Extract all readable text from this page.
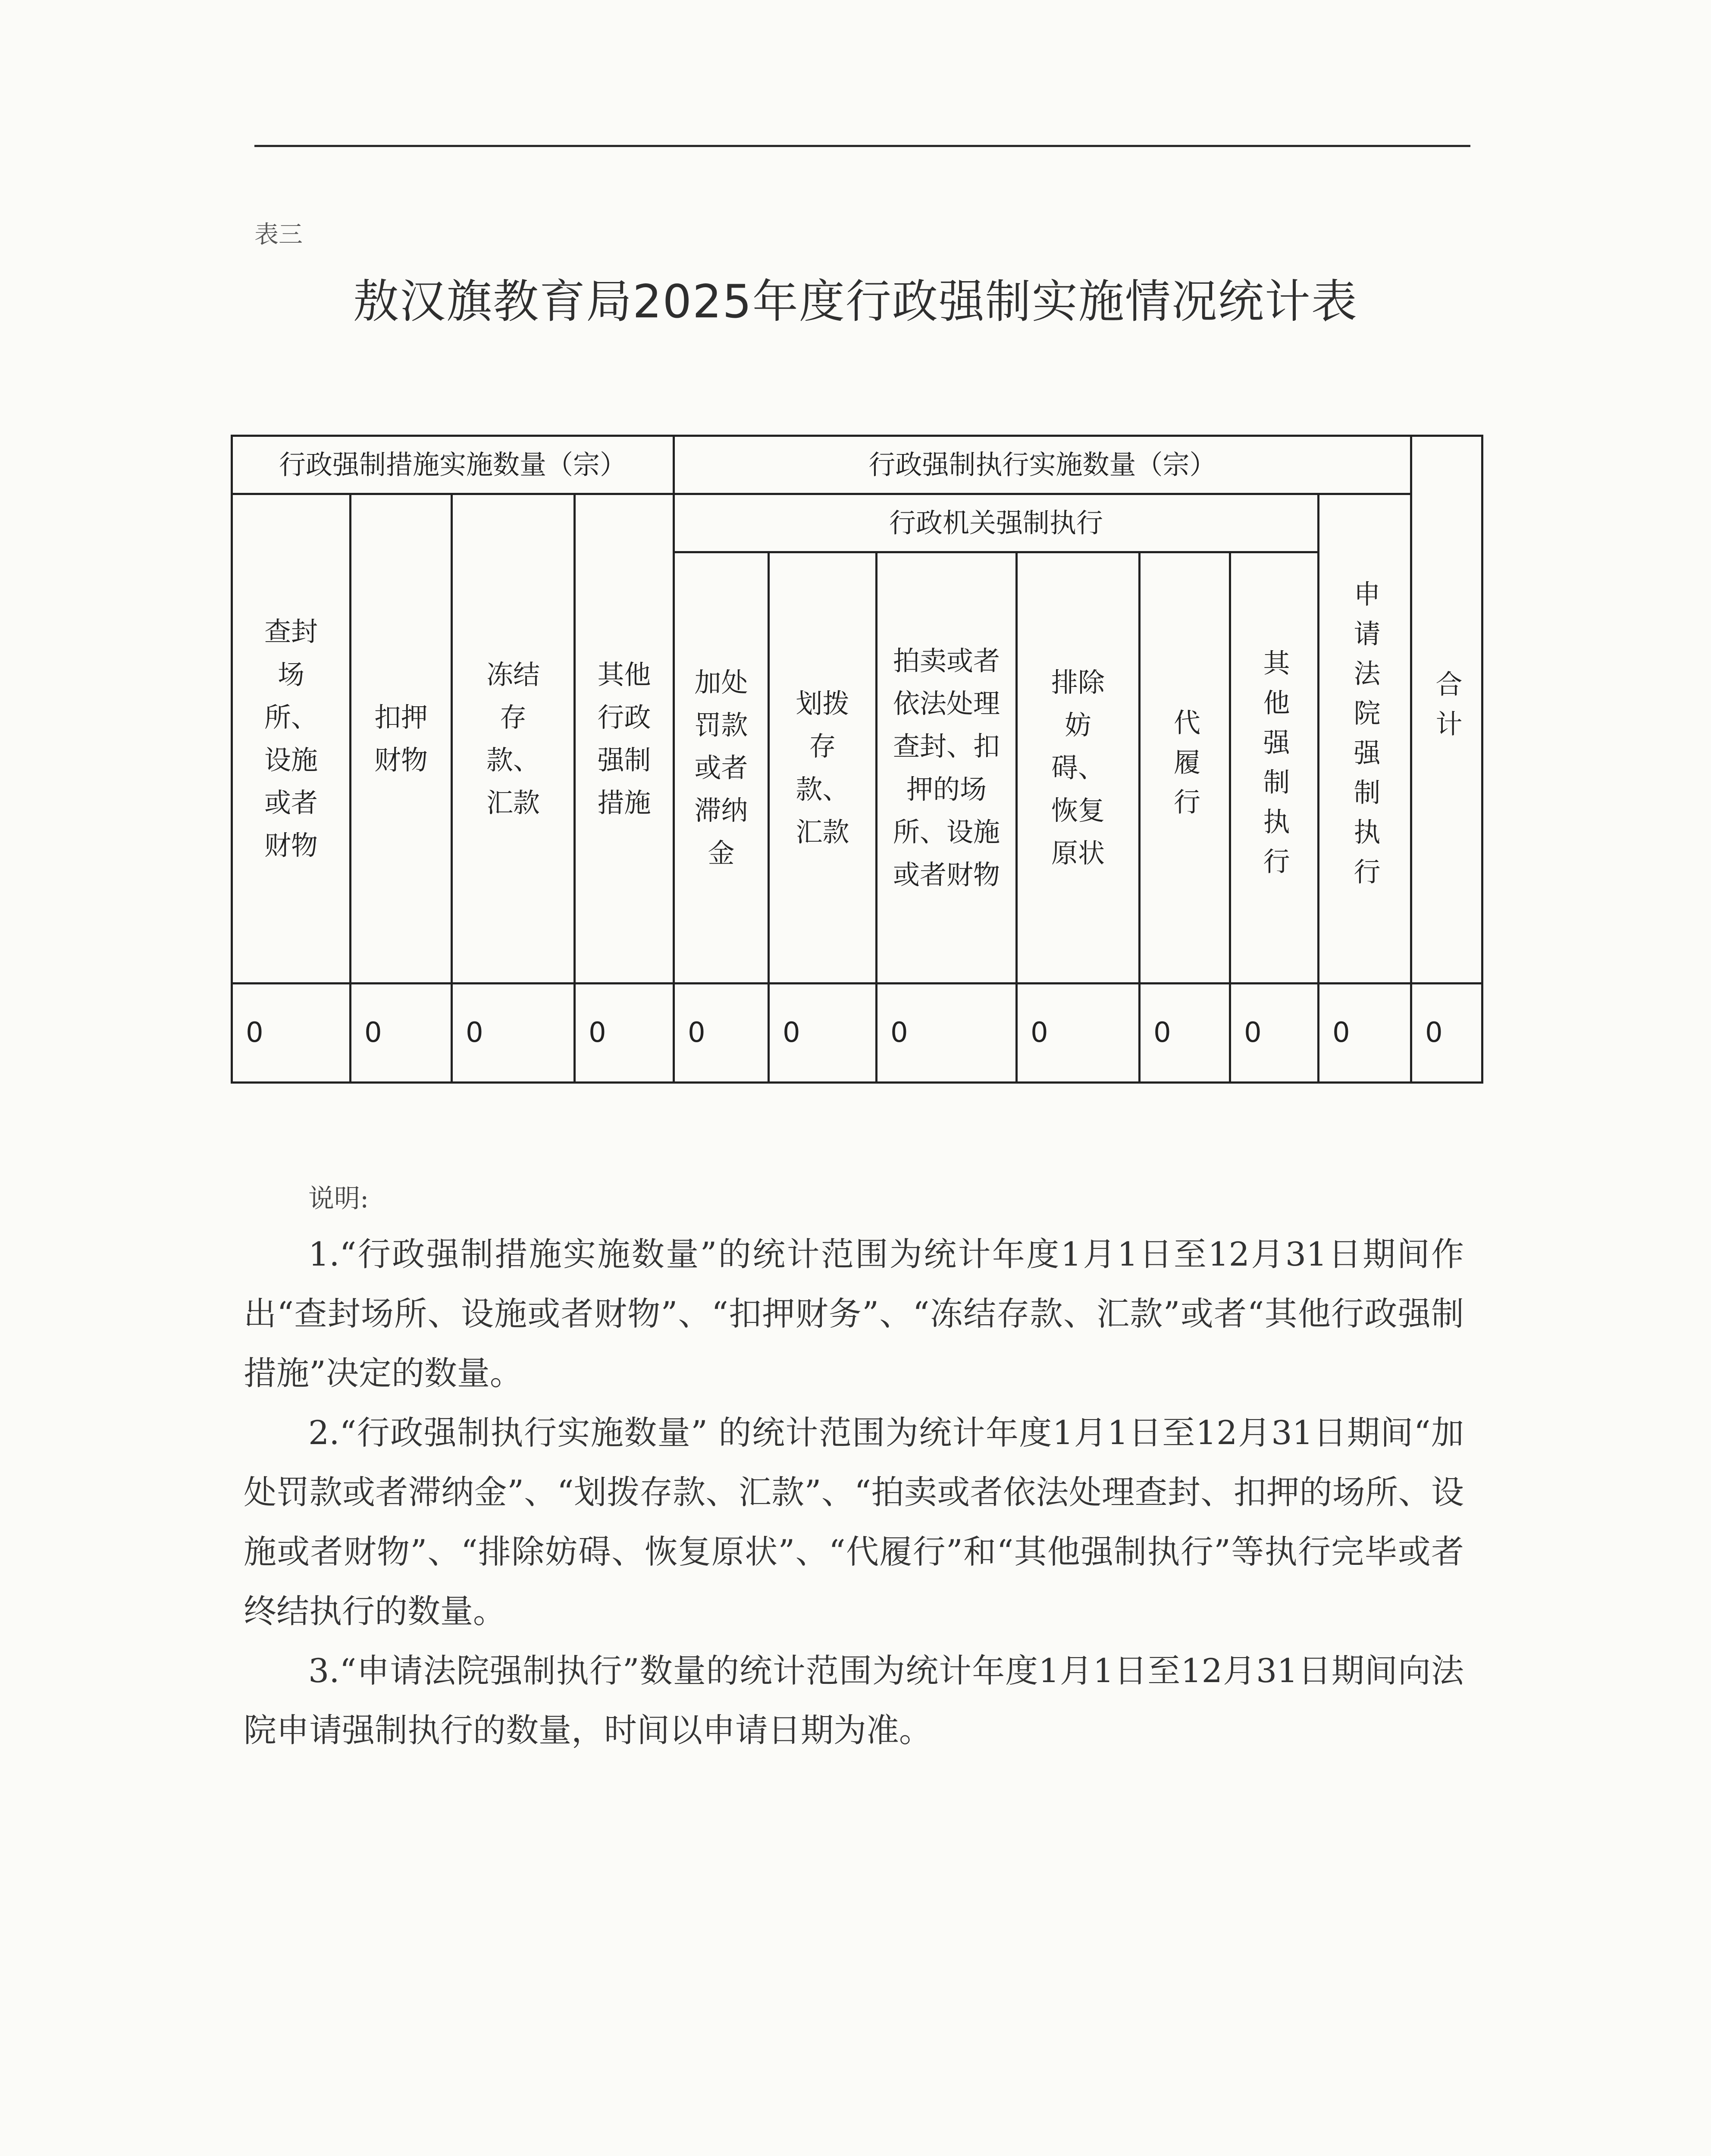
表三
敖汉旗教育局2025年度行政强制实施情况统计表
行政强制措施实施数量（宗）				行政强制执行实施数量（宗）							合计
查封场所、设施或者财物	扣押财物	冻结存款、汇款	其他行政强制措施	行政机关强制执行						申请法院强制执行	
				加处罚款或者滞纳金	划拨存款、汇款	拍卖或者依法处理查封、扣押的场所、设施或者财物	排除妨碍、恢复原状	代履行	其他强制执行		
0	0	0	0	0	0	0	0	0	0	0	0
说明:

1.“行政强制措施实施数量”的统计范围为统计年度1月1日至12月31日期间作出“查封场所、设施或者财物”、“扣押财务”、“冻结存款、汇款”或者“其他行政强制措施”决定的数量。

2.“行政强制执行实施数量” 的统计范围为统计年度1月1日至12月31日期间“加处罚款或者滞纳金”、“划拨存款、汇款”、“拍卖或者依法处理查封、扣押的场所、设施或者财物”、“排除妨碍、恢复原状”、“代履行”和“其他强制执行”等执行完毕或者终结执行的数量。

3.“申请法院强制执行”数量的统计范围为统计年度1月1日至12月31日期间向法院申请强制执行的数量，时间以申请日期为准。
